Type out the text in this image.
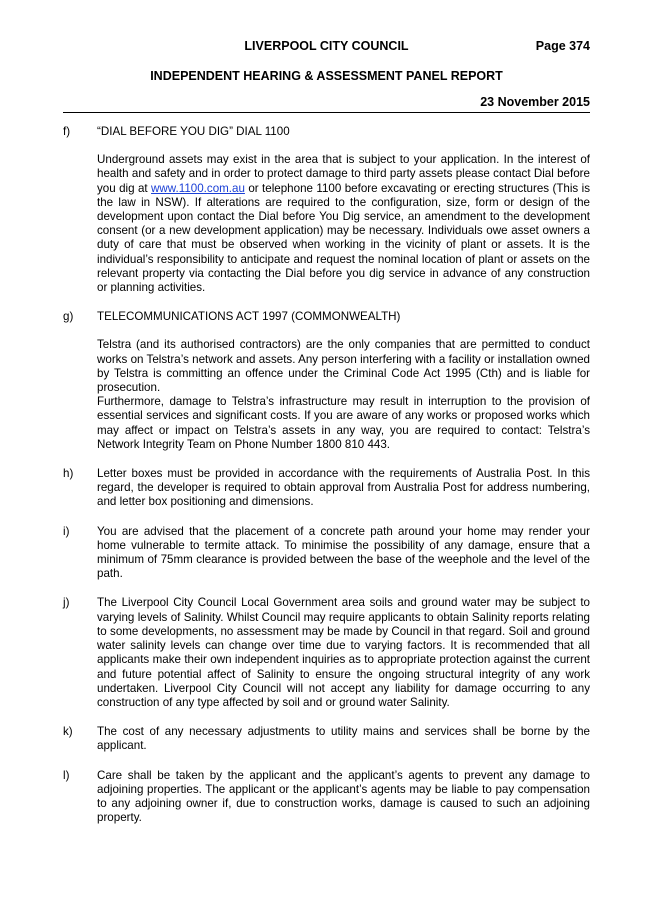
LIVERPOOL CITY COUNCIL	Page 374
INDEPENDENT HEARING & ASSESSMENT PANEL REPORT
23 November 2015
f)	“DIAL BEFORE YOU DIG” DIAL 1100

Underground assets may exist in the area that is subject to your application. In the interest of health and safety and in order to protect damage to third party assets please contact Dial before you dig at www.1100.com.au or telephone 1100 before excavating or erecting structures (This is the law in NSW). If alterations are required to the configuration, size, form or design of the development upon contact the Dial before You Dig service, an amendment to the development consent (or a new development application) may be necessary. Individuals owe asset owners a duty of care that must be observed when working in the vicinity of plant or assets. It is the individual’s responsibility to anticipate and request the nominal location of plant or assets on the relevant property via contacting the Dial before you dig service in advance of any construction or planning activities.

g)	TELECOMMUNICATIONS ACT 1997 (COMMONWEALTH)

Telstra (and its authorised contractors) are the only companies that are permitted to conduct works on Telstra’s network and assets. Any person interfering with a facility or installation owned by Telstra is committing an offence under the Criminal Code Act 1995 (Cth) and is liable for prosecution.

Furthermore, damage to Telstra’s infrastructure may result in interruption to the provision of essential services and significant costs. If you are aware of any works or proposed works which may affect or impact on Telstra’s assets in any way, you are required to contact: Telstra’s Network Integrity Team on Phone Number 1800 810 443.

h)	Letter boxes must be provided in accordance with the requirements of Australia Post. In this regard, the developer is required to obtain approval from Australia Post for address numbering, and letter box positioning and dimensions.

i)	You are advised that the placement of a concrete path around your home may render your home vulnerable to termite attack. To minimise the possibility of any damage, ensure that a minimum of 75mm clearance is provided between the base of the weephole and the level of the path.

j)	The Liverpool City Council Local Government area soils and ground water may be subject to varying levels of Salinity. Whilst Council may require applicants to obtain Salinity reports relating to some developments, no assessment may be made by Council in that regard. Soil and ground water salinity levels can change over time due to varying factors. It is recommended that all applicants make their own independent inquiries as to appropriate protection against the current and future potential affect of Salinity to ensure the ongoing structural integrity of any work undertaken. Liverpool City Council will not accept any liability for damage occurring to any construction of any type affected by soil and or ground water Salinity.

k)	The cost of any necessary adjustments to utility mains and services shall be borne by the applicant.

l)	Care shall be taken by the applicant and the applicant’s agents to prevent any damage to adjoining properties. The applicant or the applicant’s agents may be liable to pay compensation to any adjoining owner if, due to construction works, damage is caused to such an adjoining property.
